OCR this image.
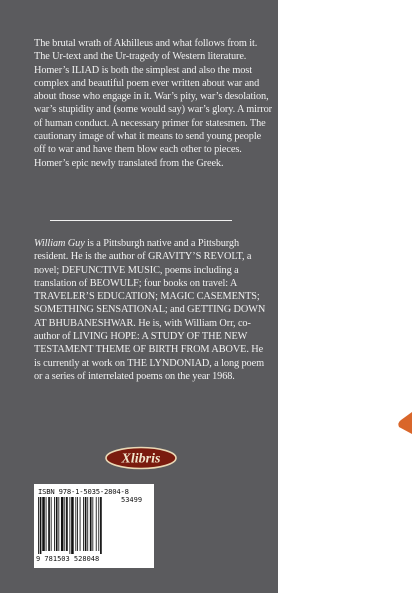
The brutal wrath of Akhilleus and what follows from it. The Ur-text and the Ur-tragedy of Western literature. Homer’s ILIAD is both the simplest and also the most complex and beautiful poem ever written about war and about those who engage in it. War’s pity, war’s desolation, war’s stupidity and (some would say) war’s glory. A mirror of human conduct. A necessary primer for statesmen. The cautionary image of what it means to send young people off to war and have them blow each other to pieces. Homer’s epic newly translated from the Greek.

William Guy is a Pittsburgh native and a Pittsburgh resident. He is the author of GRAVITY’S REVOLT, a novel; DEFUNCTIVE MUSIC, poems including a translation of BEOWULF; four books on travel: A TRAVELER’S EDUCATION; MAGIC CASEMENTS; SOMETHING SENSATIONAL; and GETTING DOWN AT BHUBANESHWAR. He is, with William Orr, co-author of LIVING HOPE: A STUDY OF THE NEW TESTAMENT THEME OF BIRTH FROM ABOVE. He is currently at work on THE LYNDONIAD, a long poem or a series of interrelated poems on the year 1968.

Xlibris
ISBN 978-1-5035-2804-8
53499
9 781503 528048
